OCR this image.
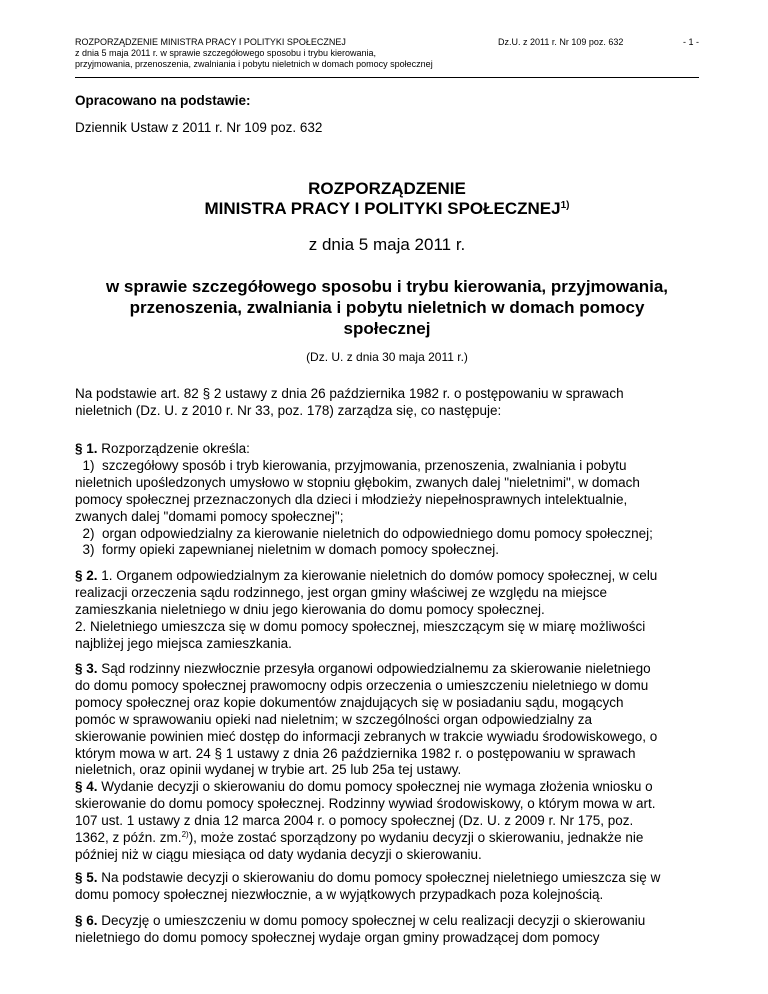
ROZPORZĄDZENIE MINISTRA PRACY I POLITYKI SPOŁECZNEJ
z dnia 5 maja 2011 r. w sprawie szczegółowego sposobu i trybu kierowania,
przyjmowania, przenoszenia, zwalniania i pobytu nieletnich w domach pomocy społecznej
Dz.U. z 2011 r. Nr 109 poz. 632	- 1 -
Opracowano na podstawie:
Dziennik Ustaw z 2011 r. Nr 109 poz. 632
ROZPORZĄDZENIE
MINISTRA PRACY I POLITYKI SPOŁECZNEJ$^{1)}$
z dnia 5 maja 2011 r.
w sprawie szczegółowego sposobu i trybu kierowania, przyjmowania,
przenoszenia, zwalniania i pobytu nieletnich w domach pomocy
społecznej
(Dz. U. z dnia 30 maja 2011 r.)
Na podstawie art. 82 § 2 ustawy z dnia 26 października 1982 r. o postępowaniu w sprawach
nieletnich (Dz. U. z 2010 r. Nr 33, poz. 178) zarządza się, co następuje:
§ 1. Rozporządzenie określa:
1)  szczegółowy sposób i tryb kierowania, przyjmowania, przenoszenia, zwalniania i pobytu
nieletnich upośledzonych umysłowo w stopniu głębokim, zwanych dalej "nieletnimi", w domach
pomocy społecznej przeznaczonych dla dzieci i młodzieży niepełnosprawnych intelektualnie,
zwanych dalej "domami pomocy społecznej";
2)  organ odpowiedzialny za kierowanie nieletnich do odpowiedniego domu pomocy społecznej;
3)  formy opieki zapewnianej nieletnim w domach pomocy społecznej.
§ 2. 1. Organem odpowiedzialnym za kierowanie nieletnich do domów pomocy społecznej, w celu
realizacji orzeczenia sądu rodzinnego, jest organ gminy właściwej ze względu na miejsce
zamieszkania nieletniego w dniu jego kierowania do domu pomocy społecznej.
2. Nieletniego umieszcza się w domu pomocy społecznej, mieszczącym się w miarę możliwości
najbliżej jego miejsca zamieszkania.
§ 3. Sąd rodzinny niezwłocznie przesyła organowi odpowiedzialnemu za skierowanie nieletniego
do domu pomocy społecznej prawomocny odpis orzeczenia o umieszczeniu nieletniego w domu
pomocy społecznej oraz kopie dokumentów znajdujących się w posiadaniu sądu, mogących
pomóc w sprawowaniu opieki nad nieletnim; w szczególności organ odpowiedzialny za
skierowanie powinien mieć dostęp do informacji zebranych w trakcie wywiadu środowiskowego, o
którym mowa w art. 24 § 1 ustawy z dnia 26 października 1982 r. o postępowaniu w sprawach
nieletnich, oraz opinii wydanej w trybie art. 25 lub 25a tej ustawy.
§ 4. Wydanie decyzji o skierowaniu do domu pomocy społecznej nie wymaga złożenia wniosku o
skierowanie do domu pomocy społecznej. Rodzinny wywiad środowiskowy, o którym mowa w art.
107 ust. 1 ustawy z dnia 12 marca 2004 r. o pomocy społecznej (Dz. U. z 2009 r. Nr 175, poz.
1362, z późn. zm.$^{2)}$), może zostać sporządzony po wydaniu decyzji o skierowaniu, jednakże nie
później niż w ciągu miesiąca od daty wydania decyzji o skierowaniu.
§ 5. Na podstawie decyzji o skierowaniu do domu pomocy społecznej nieletniego umieszcza się w
domu pomocy społecznej niezwłocznie, a w wyjątkowych przypadkach poza kolejnością.
§ 6. Decyzję o umieszczeniu w domu pomocy społecznej w celu realizacji decyzji o skierowaniu
nieletniego do domu pomocy społecznej wydaje organ gminy prowadzącej dom pomocy
